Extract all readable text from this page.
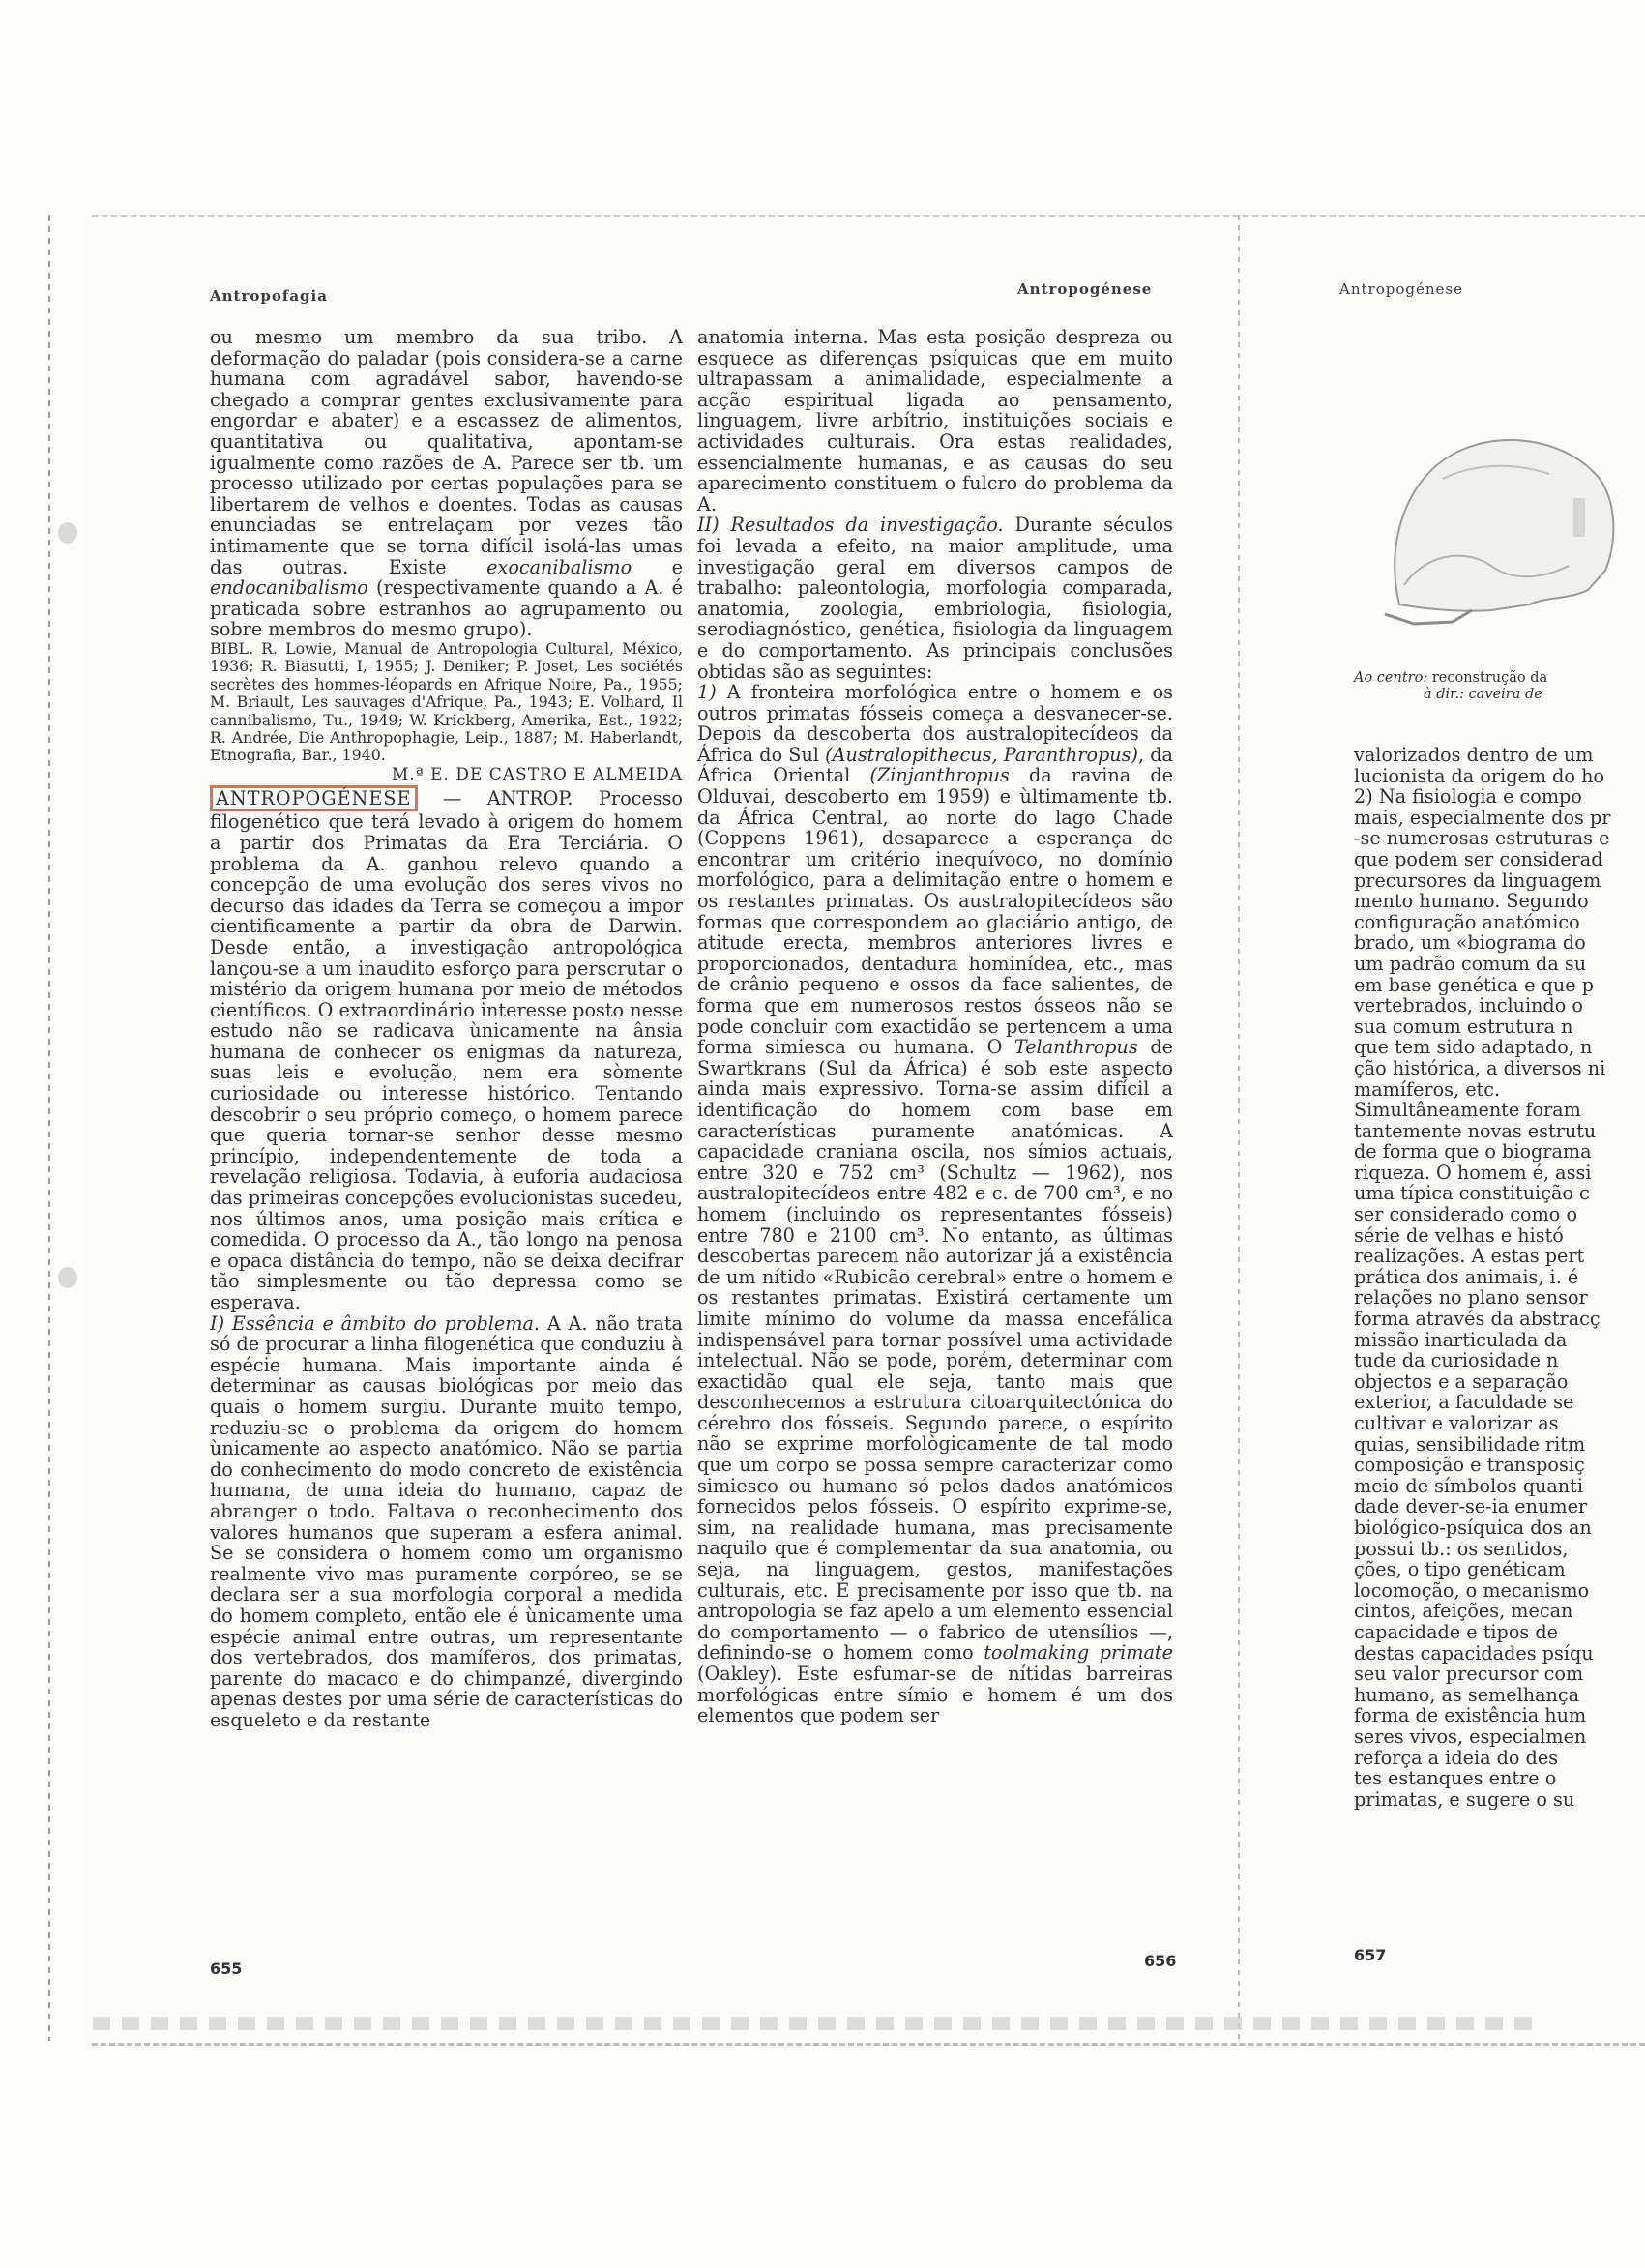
Antropofagia	Antropogénese	Antropogénese

ou mesmo um membro da sua tribo. A deformação do paladar (pois considera-se a carne humana com agradável sabor, havendo-se chegado a comprar gentes exclusivamente para engordar e abater) e a escassez de alimentos, quantitativa ou qualitativa, apontam-se igualmente como razões de A. Parece ser tb. um processo utilizado por certas populações para se libertarem de velhos e doentes. Todas as causas enunciadas se entrelaçam por vezes tão intimamente que se torna difícil isolá-las umas das outras. Existe exocanibalismo e endocanibalismo (respectivamente quando a A. é praticada sobre estranhos ao agrupamento ou sobre membros do mesmo grupo).

BIBL. R. Lowie, Manual de Antropologia Cultural, México, 1936; R. Biasutti, I, 1955; J. Deniker; P. Joset, Les sociétés secrètes des hommes-léopards en Afrique Noire, Pa., 1955; M. Briault, Les sauvages d'Afrique, Pa., 1943; E. Volhard, Il cannibalismo, Tu., 1949; W. Krickberg, Amerika, Est., 1922; R. Andrée, Die Anthropophagie, Leip., 1887; M. Haberlandt, Etnografia, Bar., 1940.

M.ª E. DE CASTRO E ALMEIDA

ANTROPOGÉNESE — ANTROP. Processo filogenético que terá levado à origem do homem a partir dos Primatas da Era Terciária. O problema da A. ganhou relevo quando a concepção de uma evolução dos seres vivos no decurso das idades da Terra se começou a impor cientificamente a partir da obra de Darwin. Desde então, a investigação antropológica lançou-se a um inaudito esforço para perscrutar o mistério da origem humana por meio de métodos científicos. O extraordinário interesse posto nesse estudo não se radicava ùnicamente na ânsia humana de conhecer os enigmas da natureza, suas leis e evolução, nem era sòmente curiosidade ou interesse histórico. Tentando descobrir o seu próprio começo, o homem parece que queria tornar-se senhor desse mesmo princípio, independentemente de toda a revelação religiosa. Todavia, à euforia audaciosa das primeiras concepções evolucionistas sucedeu, nos últimos anos, uma posição mais crítica e comedida. O processo da A., tão longo na penosa e opaca distância do tempo, não se deixa decifrar tão simplesmente ou tão depressa como se esperava.

I) Essência e âmbito do problema. A A. não trata só de procurar a linha filogenética que conduziu à espécie humana. Mais importante ainda é determinar as causas biológicas por meio das quais o homem surgiu. Durante muito tempo, reduziu-se o problema da origem do homem ùnicamente ao aspecto anatómico. Não se partia do conhecimento do modo concreto de existência humana, de uma ideia do humano, capaz de abranger o todo. Faltava o reconhecimento dos valores humanos que superam a esfera animal. Se se considera o homem como um organismo realmente vivo mas puramente corpóreo, se se declara ser a sua morfologia corporal a medida do homem completo, então ele é ùnicamente uma espécie animal entre outras, um representante dos vertebrados, dos mamíferos, dos primatas, parente do macaco e do chimpanzé, divergindo apenas destes por uma série de características do esqueleto e da restante

anatomia interna. Mas esta posição despreza ou esquece as diferenças psíquicas que em muito ultrapassam a animalidade, especialmente a acção espiritual ligada ao pensamento, linguagem, livre arbítrio, instituições sociais e actividades culturais. Ora estas realidades, essencialmente humanas, e as causas do seu aparecimento constituem o fulcro do problema da A.

II) Resultados da investigação. Durante séculos foi levada a efeito, na maior amplitude, uma investigação geral em diversos campos de trabalho: paleontologia, morfologia comparada, anatomia, zoologia, embriologia, fisiologia, serodiagnóstico, genética, fisiologia da linguagem e do comportamento. As principais conclusões obtidas são as seguintes:

1) A fronteira morfológica entre o homem e os outros primatas fósseis começa a desvanecer-se. Depois da descoberta dos australopitecídeos da África do Sul (Australopithecus, Paranthropus), da África Oriental (Zinjanthropus da ravina de Olduvai, descoberto em 1959) e ùltimamente tb. da África Central, ao norte do lago Chade (Coppens 1961), desaparece a esperança de encontrar um critério inequívoco, no domínio morfológico, para a delimitação entre o homem e os restantes primatas. Os australopitecídeos são formas que correspondem ao glaciário antigo, de atitude erecta, membros anteriores livres e proporcionados, dentadura hominídea, etc., mas de crânio pequeno e ossos da face salientes, de forma que em numerosos restos ósseos não se pode concluir com exactidão se pertencem a uma forma simiesca ou humana. O Telanthropus de Swartkrans (Sul da África) é sob este aspecto ainda mais expressivo. Torna-se assim difícil a identificação do homem com base em características puramente anatómicas. A capacidade craniana oscila, nos símios actuais, entre 320 e 752 cm³ (Schultz — 1962), nos australopitecídeos entre 482 e c. de 700 cm³, e no homem (incluindo os representantes fósseis) entre 780 e 2100 cm³. No entanto, as últimas descobertas parecem não autorizar já a existência de um nítido «Rubicão cerebral» entre o homem e os restantes primatas. Existirá certamente um limite mínimo do volume da massa encefálica indispensável para tornar possível uma actividade intelectual. Não se pode, porém, determinar com exactidão qual ele seja, tanto mais que desconhecemos a estrutura citoarquitectónica do cérebro dos fósseis. Segundo parece, o espírito não se exprime morfològicamente de tal modo que um corpo se possa sempre caracterizar como simiesco ou humano só pelos dados anatómicos fornecidos pelos fósseis. O espírito exprime-se, sim, na realidade humana, mas precisamente naquilo que é complementar da sua anatomia, ou seja, na linguagem, gestos, manifestações culturais, etc. É precisamente por isso que tb. na antropologia se faz apelo a um elemento essencial do comportamento — o fabrico de utensílios —, definindo-se o homem como toolmaking primate (Oakley). Este esfumar-se de nítidas barreiras morfológicas entre símio e homem é um dos elementos que podem ser

Ao centro: reconstrução da
à dir.: caveira de

valorizados dentro de um

lucionista da origem do ho

2) Na fisiologia e compo

mais, especialmente dos pr

-se numerosas estruturas e

que podem ser considerad

precursores da linguagem

mento humano. Segundo

configuração anatómico

brado, um «biograma do

um padrão comum da su

em base genética e que p

vertebrados, incluindo o

sua comum estrutura n

que tem sido adaptado, n

ção histórica, a diversos ni

mamíferos, etc.

Simultâneamente foram

tantemente novas estrutu

de forma que o biograma

riqueza. O homem é, assi

uma típica constituição c

ser considerado como o

série de velhas e histó

realizações. A estas pert

prática dos animais, i. é

relações no plano sensor

forma através da abstracç

missão inarticulada da

tude da curiosidade n

objectos e a separação

exterior, a faculdade se

cultivar e valorizar as

quias, sensibilidade ritm

composição e transposiç

meio de símbolos quanti

dade dever-se-ia enumer

biológico-psíquica dos an

possui tb.: os sentidos,

ções, o tipo genéticam

locomoção, o mecanismo

cintos, afeições, mecan

capacidade e tipos de

destas capacidades psíqu

seu valor precursor com

humano, as semelhança

forma de existência hum

seres vivos, especialmen

reforça a ideia do des

tes estanques entre o

primatas, e sugere o su

655	656	657
